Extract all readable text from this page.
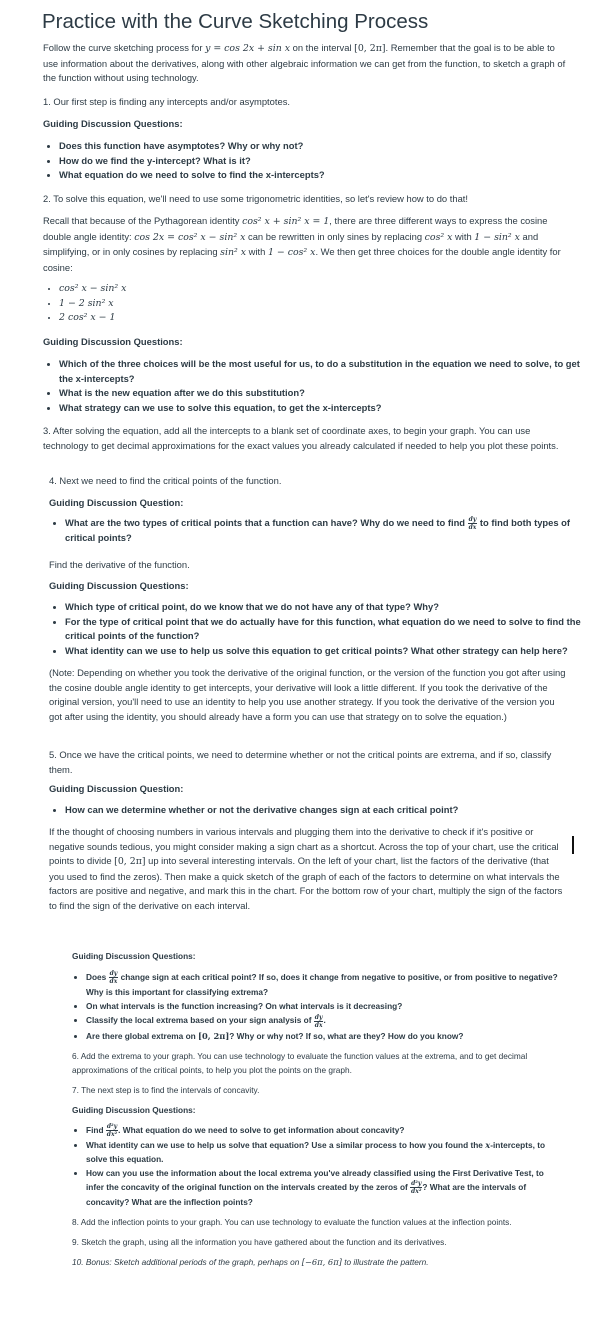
Practice with the Curve Sketching Process

Follow the curve sketching process for y = cos 2x + sin x on the interval [0, 2π]. Remember that the goal is to be able to use information about the derivatives, along with other algebraic information we can get from the function, to sketch a graph of the function without using technology.

1. Our first step is finding any intercepts and/or asymptotes.

Guiding Discussion Questions:

• Does this function have asymptotes? Why or why not?
• How do we find the y-intercept? What is it?
• What equation do we need to solve to find the x-intercepts?

2. To solve this equation, we'll need to use some trigonometric identities, so let's review how to do that!

Recall that because of the Pythagorean identity cos² x + sin² x = 1, there are three different ways to express the cosine double angle identity: cos 2x = cos² x − sin² x can be rewritten in only sines by replacing cos² x with 1 − sin² x and simplifying, or in only cosines by replacing sin² x with 1 − cos² x. We then get three choices for the double angle identity for cosine:

• cos² x − sin² x
• 1 − 2 sin² x
• 2 cos² x − 1

Guiding Discussion Questions:

• Which of the three choices will be the most useful for us, to do a substitution in the equation we need to solve, to get the x-intercepts?
• What is the new equation after we do this substitution?
• What strategy can we use to solve this equation, to get the x-intercepts?

3. After solving the equation, add all the intercepts to a blank set of coordinate axes, to begin your graph. You can use technology to get decimal approximations for the exact values you already calculated if needed to help you plot these points.

4. Next we need to find the critical points of the function.

Guiding Discussion Question:

• What are the two types of critical points that a function can have? Why do we need to find $\frac{dy}{dx}$ to find both types of critical points?

Find the derivative of the function.

Guiding Discussion Questions:

• Which type of critical point, do we know that we do not have any of that type? Why?
• For the type of critical point that we do actually have for this function, what equation do we need to solve to find the critical points of the function?
• What identity can we use to help us solve this equation to get critical points? What other strategy can help here?

(Note: Depending on whether you took the derivative of the original function, or the version of the function you got after using the cosine double angle identity to get intercepts, your derivative will look a little different. If you took the derivative of the original version, you'll need to use an identity to help you use another strategy. If you took the derivative of the version you got after using the identity, you should already have a form you can use that strategy on to solve the equation.)

5. Once we have the critical points, we need to determine whether or not the critical points are extrema, and if so, classify them.

Guiding Discussion Question:

• How can we determine whether or not the derivative changes sign at each critical point?

If the thought of choosing numbers in various intervals and plugging them into the derivative to check if it's positive or negative sounds tedious, you might consider making a sign chart as a shortcut. Across the top of your chart, use the critical points to divide [0, 2π] up into several interesting intervals. On the left of your chart, list the factors of the derivative (that you used to find the zeros). Then make a quick sketch of the graph of each of the factors to determine on what intervals the factors are positive and negative, and mark this in the chart. For the bottom row of your chart, multiply the sign of the factors to find the sign of the derivative on each interval.

Guiding Discussion Questions:

• Does $\frac{dy}{dx}$ change sign at each critical point? If so, does it change from negative to positive, or from positive to negative? Why is this important for classifying extrema?
• On what intervals is the function increasing? On what intervals is it decreasing?
• Classify the local extrema based on your sign analysis of $\frac{dy}{dx}$ .
• Are there global extrema on [0, 2π]? Why or why not? If so, what are they? How do you know?

6. Add the extrema to your graph. You can use technology to evaluate the function values at the extrema, and to get decimal approximations of the critical points, to help you plot the points on the graph.

7. The next step is to find the intervals of concavity.

Guiding Discussion Questions:

• Find $\frac{\text{d²y}}{\text{dx²}}$ . What equation do we need to solve to get information about concavity?
• What identity can we use to help us solve that equation? Use a similar process to how you found the x-intercepts, to solve this equation.
• How can you use the information about the local extrema you've already classified using the First Derivative Test, to infer the concavity of the original function on the intervals created by the zeros of $\frac{\text{d²y}}{\text{dx²}}$ ? What are the intervals of concavity? What are the inflection points?

8. Add the inflection points to your graph. You can use technology to evaluate the function values at the inflection points.

9. Sketch the graph, using all the information you have gathered about the function and its derivatives.

10. Bonus: Sketch additional periods of the graph, perhaps on [−6π, 6π] to illustrate the pattern.
